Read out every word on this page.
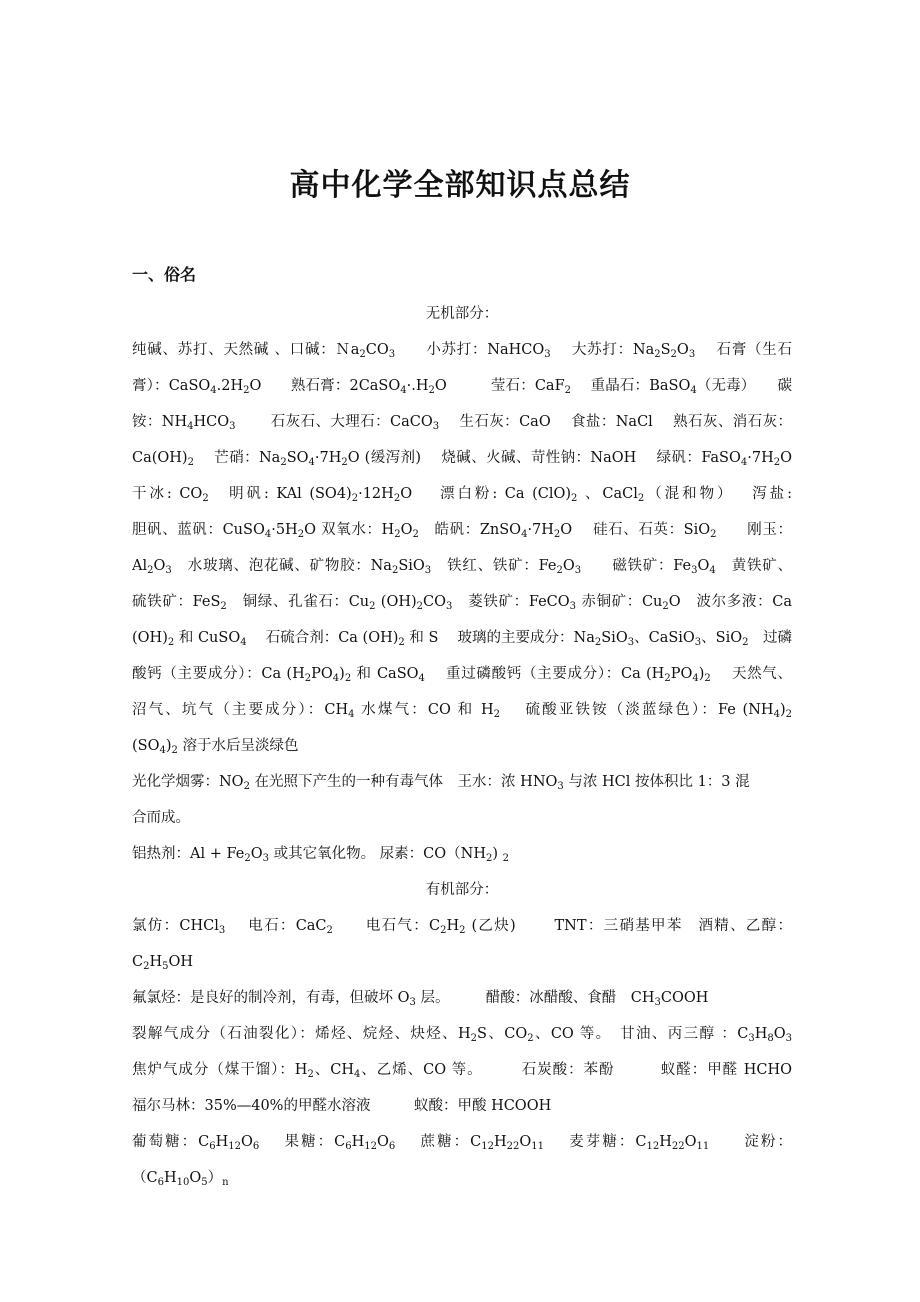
高中化学全部知识点总结
一、俗名
无机部分：
纯碱、苏打、天然碱 、口碱：$Na_2CO_3$　　小苏打：NaHCO$_3$　 大苏打：$Na_2S_2O_3$　 石膏（生石
膏）：$CaSO_4.2H_2O$　　熟石膏：$2CaSO_4\cdot.H_2O$　　　莹石：CaF$_2$　 重晶石：BaSO$_4$（无毒）　　碳
铵：$NH_4HCO_3$　　 石灰石、大理石：CaCO$_3$　 生石灰：CaO　 食盐：NaCl　 熟石灰、消石灰：
$Ca(OH)_2$　 芒硝：$Na_2SO_4\cdot 7H_2O$ (缓泻剂)　 烧碱、火碱、苛性钠：NaOH　 绿矾：$FaSO_4\cdot 7H_2O$
干冰: $CO_2$　明矾: KAl $(SO4)_2\cdot 12H_2O$　 漂白粉: Ca $(ClO)_2$ 、CaCl$_2$（混和物）　 泻盐:
胆矾、蓝矾：$CuSO_4\cdot 5H_2O$ 双氧水：$H_2O_2$　皓矾：$ZnSO_4\cdot 7H_2O$　 硅石、石英：SiO$_2$　　刚玉：
$Al_2O_3$　水玻璃、泡花碱、矿物胶：$Na_2SiO_3$　铁红、铁矿：$Fe_2O_3$　　磁铁矿：$Fe_3O_4$　黄铁矿、
硫铁矿：FeS$_2$　铜绿、孔雀石：$Cu_2$ $(OH)_2CO_3$　菱铁矿：FeCO$_3$ 赤铜矿：$Cu_2O$　波尔多液：Ca
$(OH)_2$ 和 CuSO$_4$　 石硫合剂：Ca $(OH)_2$ 和 S　 玻璃的主要成分：$Na_2SiO_3$、CaSiO$_3$、SiO$_2$　过磷
酸钙（主要成分）：Ca $(H_2PO_4)_2$ 和 CaSO$_4$　 重过磷酸钙（主要成分）：Ca $(H_2PO_4)_2$　 天然气、
沼气、坑气（主要成分）：$CH_4$ 水煤气：CO 和 $H_2$　 硫酸亚铁铵（淡蓝绿色）：Fe $(NH_4)_2$
$(SO_4)_2$ 溶于水后呈淡绿色
光化学烟雾：$NO_2$ 在光照下产生的一种有毒气体　王水：浓 $HNO_3$ 与浓 HCl 按体积比 1：3 混
合而成。
铝热剂：$Al + Fe_2O_3$ 或其它氧化物。 尿素：$CO(NH_2)$ $_2$
有机部分：
氯仿：CHCl$_3$　 电石：CaC$_2$　　电石气：$C_2H_2$ (乙炔)　　 TNT：三硝基甲苯　酒精、乙醇：
$C_2H_5OH$
氟氯烃：是良好的制冷剂，有毒，但破坏 $O_3$ 层。　　　醋酸：冰醋酸、食醋　$CH_3COOH$
裂解气成分（石油裂化）：烯烃、烷烃、炔烃、$H_2S$、$CO_2$、CO 等。　甘油、丙三醇 ：$C_3H_8O_3$
焦炉气成分（煤干馏）：$H_2$、$CH_4$、乙烯、CO 等。　　　石炭酸：苯酚　　　蚁醛：甲醛 HCHO
福尔马林：35%—40%的甲醛水溶液　　　蚁酸：甲酸 HCOOH
葡萄糖：$C_6H_{12}O_6$　 果糖：$C_6H_{12}O_6$　 蔗糖：$C_{12}H_{22}O_{11}$　 麦芽糖：$C_{12}H_{22}O_{11}$　　淀粉：
$(C_6H_{10}O_5)_n$
